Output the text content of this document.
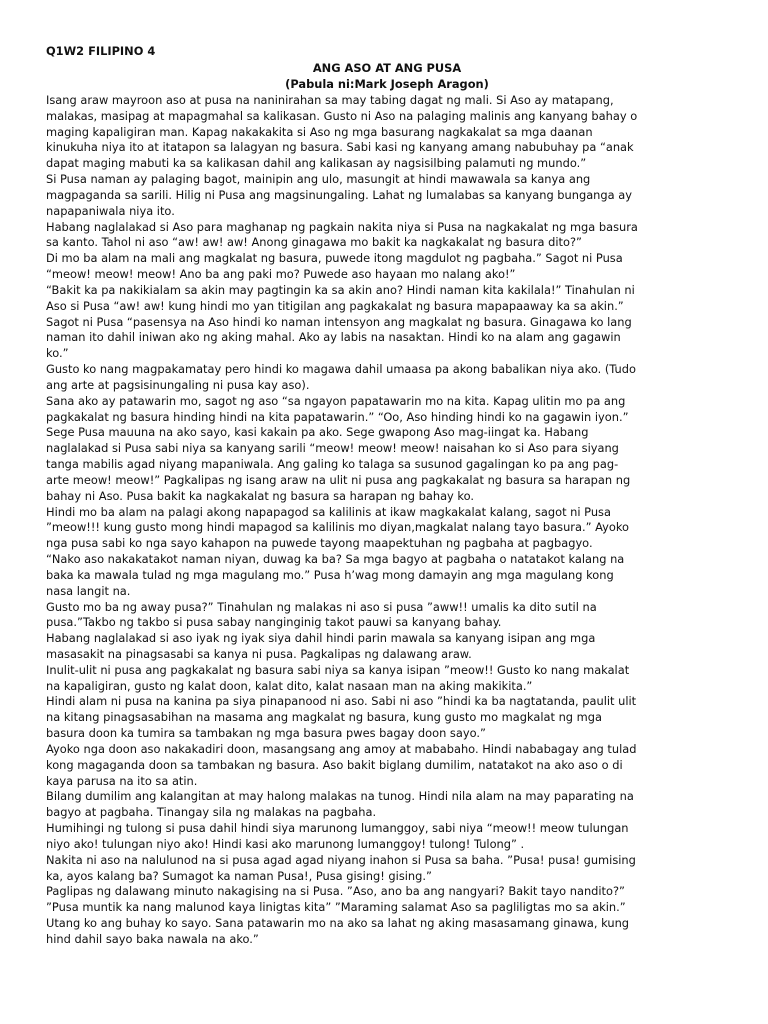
Q1W2 FILIPINO 4
ANG ASO AT ANG PUSA
(Pabula ni:Mark Joseph Aragon)
Isang araw mayroon aso at pusa na naninirahan sa may tabing dagat ng mali. Si Aso ay matapang,
malakas, masipag at mapagmahal sa kalikasan. Gusto ni Aso na palaging malinis ang kanyang bahay o
maging kapaligiran man. Kapag nakakakita si Aso ng mga basurang nagkakalat sa mga daanan
kinukuha niya ito at itatapon sa lalagyan ng basura. Sabi kasi ng kanyang amang nabubuhay pa “anak
dapat maging mabuti ka sa kalikasan dahil ang kalikasan ay nagsisilbing palamuti ng mundo.”
Si Pusa naman ay palaging bagot, mainipin ang ulo, masungit at hindi mawawala sa kanya ang
magpaganda sa sarili. Hilig ni Pusa ang magsinungaling. Lahat ng lumalabas sa kanyang bunganga ay
napapaniwala niya ito.
Habang naglalakad si Aso para maghanap ng pagkain nakita niya si Pusa na nagkakalat ng mga basura
sa kanto. Tahol ni aso “aw! aw! aw! Anong ginagawa mo bakit ka nagkakalat ng basura dito?”
Di mo ba alam na mali ang magkalat ng basura, puwede itong magdulot ng pagbaha.” Sagot ni Pusa
“meow! meow! meow! Ano ba ang paki mo? Puwede aso hayaan mo nalang ako!”
“Bakit ka pa nakikialam sa akin may pagtingin ka sa akin ano? Hindi naman kita kakilala!” Tinahulan ni
Aso si Pusa “aw! aw! kung hindi mo yan titigilan ang pagkakalat ng basura mapapaaway ka sa akin.”
Sagot ni Pusa “pasensya na Aso hindi ko naman intensyon ang magkalat ng basura. Ginagawa ko lang
naman ito dahil iniwan ako ng aking mahal. Ako ay labis na nasaktan. Hindi ko na alam ang gagawin
ko.”
Gusto ko nang magpakamatay pero hindi ko magawa dahil umaasa pa akong babalikan niya ako. (Tudo
ang arte at pagsisinungaling ni pusa kay aso).
Sana ako ay patawarin mo, sagot ng aso “sa ngayon papatawarin mo na kita. Kapag ulitin mo pa ang
pagkakalat ng basura hinding hindi na kita papatawarin.” “Oo, Aso hinding hindi ko na gagawin iyon.”
Sege Pusa mauuna na ako sayo, kasi kakain pa ako. Sege gwapong Aso mag-iingat ka. Habang
naglalakad si Pusa sabi niya sa kanyang sarili “meow! meow! meow! naisahan ko si Aso para siyang
tanga mabilis agad niyang mapaniwala. Ang galing ko talaga sa susunod gagalingan ko pa ang pag-
arte meow! meow!” Pagkalipas ng isang araw na ulit ni pusa ang pagkakalat ng basura sa harapan ng
bahay ni Aso. Pusa bakit ka nagkakalat ng basura sa harapan ng bahay ko.
Hindi mo ba alam na palagi akong napapagod sa kalilinis at ikaw magkakalat kalang, sagot ni Pusa
”meow!!! kung gusto mong hindi mapagod sa kalilinis mo diyan,magkalat nalang tayo basura.” Ayoko
nga pusa sabi ko nga sayo kahapon na puwede tayong maapektuhan ng pagbaha at pagbagyo.
“Nako aso nakakatakot naman niyan, duwag ka ba? Sa mga bagyo at pagbaha o natatakot kalang na
baka ka mawala tulad ng mga magulang mo.” Pusa h’wag mong damayin ang mga magulang kong
nasa langit na.
Gusto mo ba ng away pusa?” Tinahulan ng malakas ni aso si pusa ”aww!! umalis ka dito sutil na
pusa.”Takbo ng takbo si pusa sabay nanginginig takot pauwi sa kanyang bahay.
Habang naglalakad si aso iyak ng iyak siya dahil hindi parin mawala sa kanyang isipan ang mga
masasakit na pinagsasabi sa kanya ni pusa. Pagkalipas ng dalawang araw.
Inulit-ulit ni pusa ang pagkakalat ng basura sabi niya sa kanya isipan ”meow!! Gusto ko nang makalat
na kapaligiran, gusto ng kalat doon, kalat dito, kalat nasaan man na aking makikita.”
Hindi alam ni pusa na kanina pa siya pinapanood ni aso. Sabi ni aso ”hindi ka ba nagtatanda, paulit ulit
na kitang pinagsasabihan na masama ang magkalat ng basura, kung gusto mo magkalat ng mga
basura doon ka tumira sa tambakan ng mga basura pwes bagay doon sayo.”
Ayoko nga doon aso nakakadiri doon, masangsang ang amoy at mababaho. Hindi nababagay ang tulad
kong magaganda doon sa tambakan ng basura. Aso bakit biglang dumilim, natatakot na ako aso o di
kaya parusa na ito sa atin.
Bilang dumilim ang kalangitan at may halong malakas na tunog. Hindi nila alam na may paparating na
bagyo at pagbaha. Tinangay sila ng malakas na pagbaha.
Humihingi ng tulong si pusa dahil hindi siya marunong lumanggoy, sabi niya “meow!! meow tulungan
niyo ako! tulungan niyo ako! Hindi kasi ako marunong lumanggoy! tulong! Tulong” .
Nakita ni aso na nalulunod na si pusa agad agad niyang inahon si Pusa sa baha. ”Pusa! pusa! gumising
ka, ayos kalang ba? Sumagot ka naman Pusa!, Pusa gising! gising.”
Paglipas ng dalawang minuto nakagising na si Pusa. ”Aso, ano ba ang nangyari? Bakit tayo nandito?”
”Pusa muntik ka nang malunod kaya linigtas kita” ”Maraming salamat Aso sa pagliligtas mo sa akin.”
Utang ko ang buhay ko sayo. Sana patawarin mo na ako sa lahat ng aking masasamang ginawa, kung
hind dahil sayo baka nawala na ako.”
